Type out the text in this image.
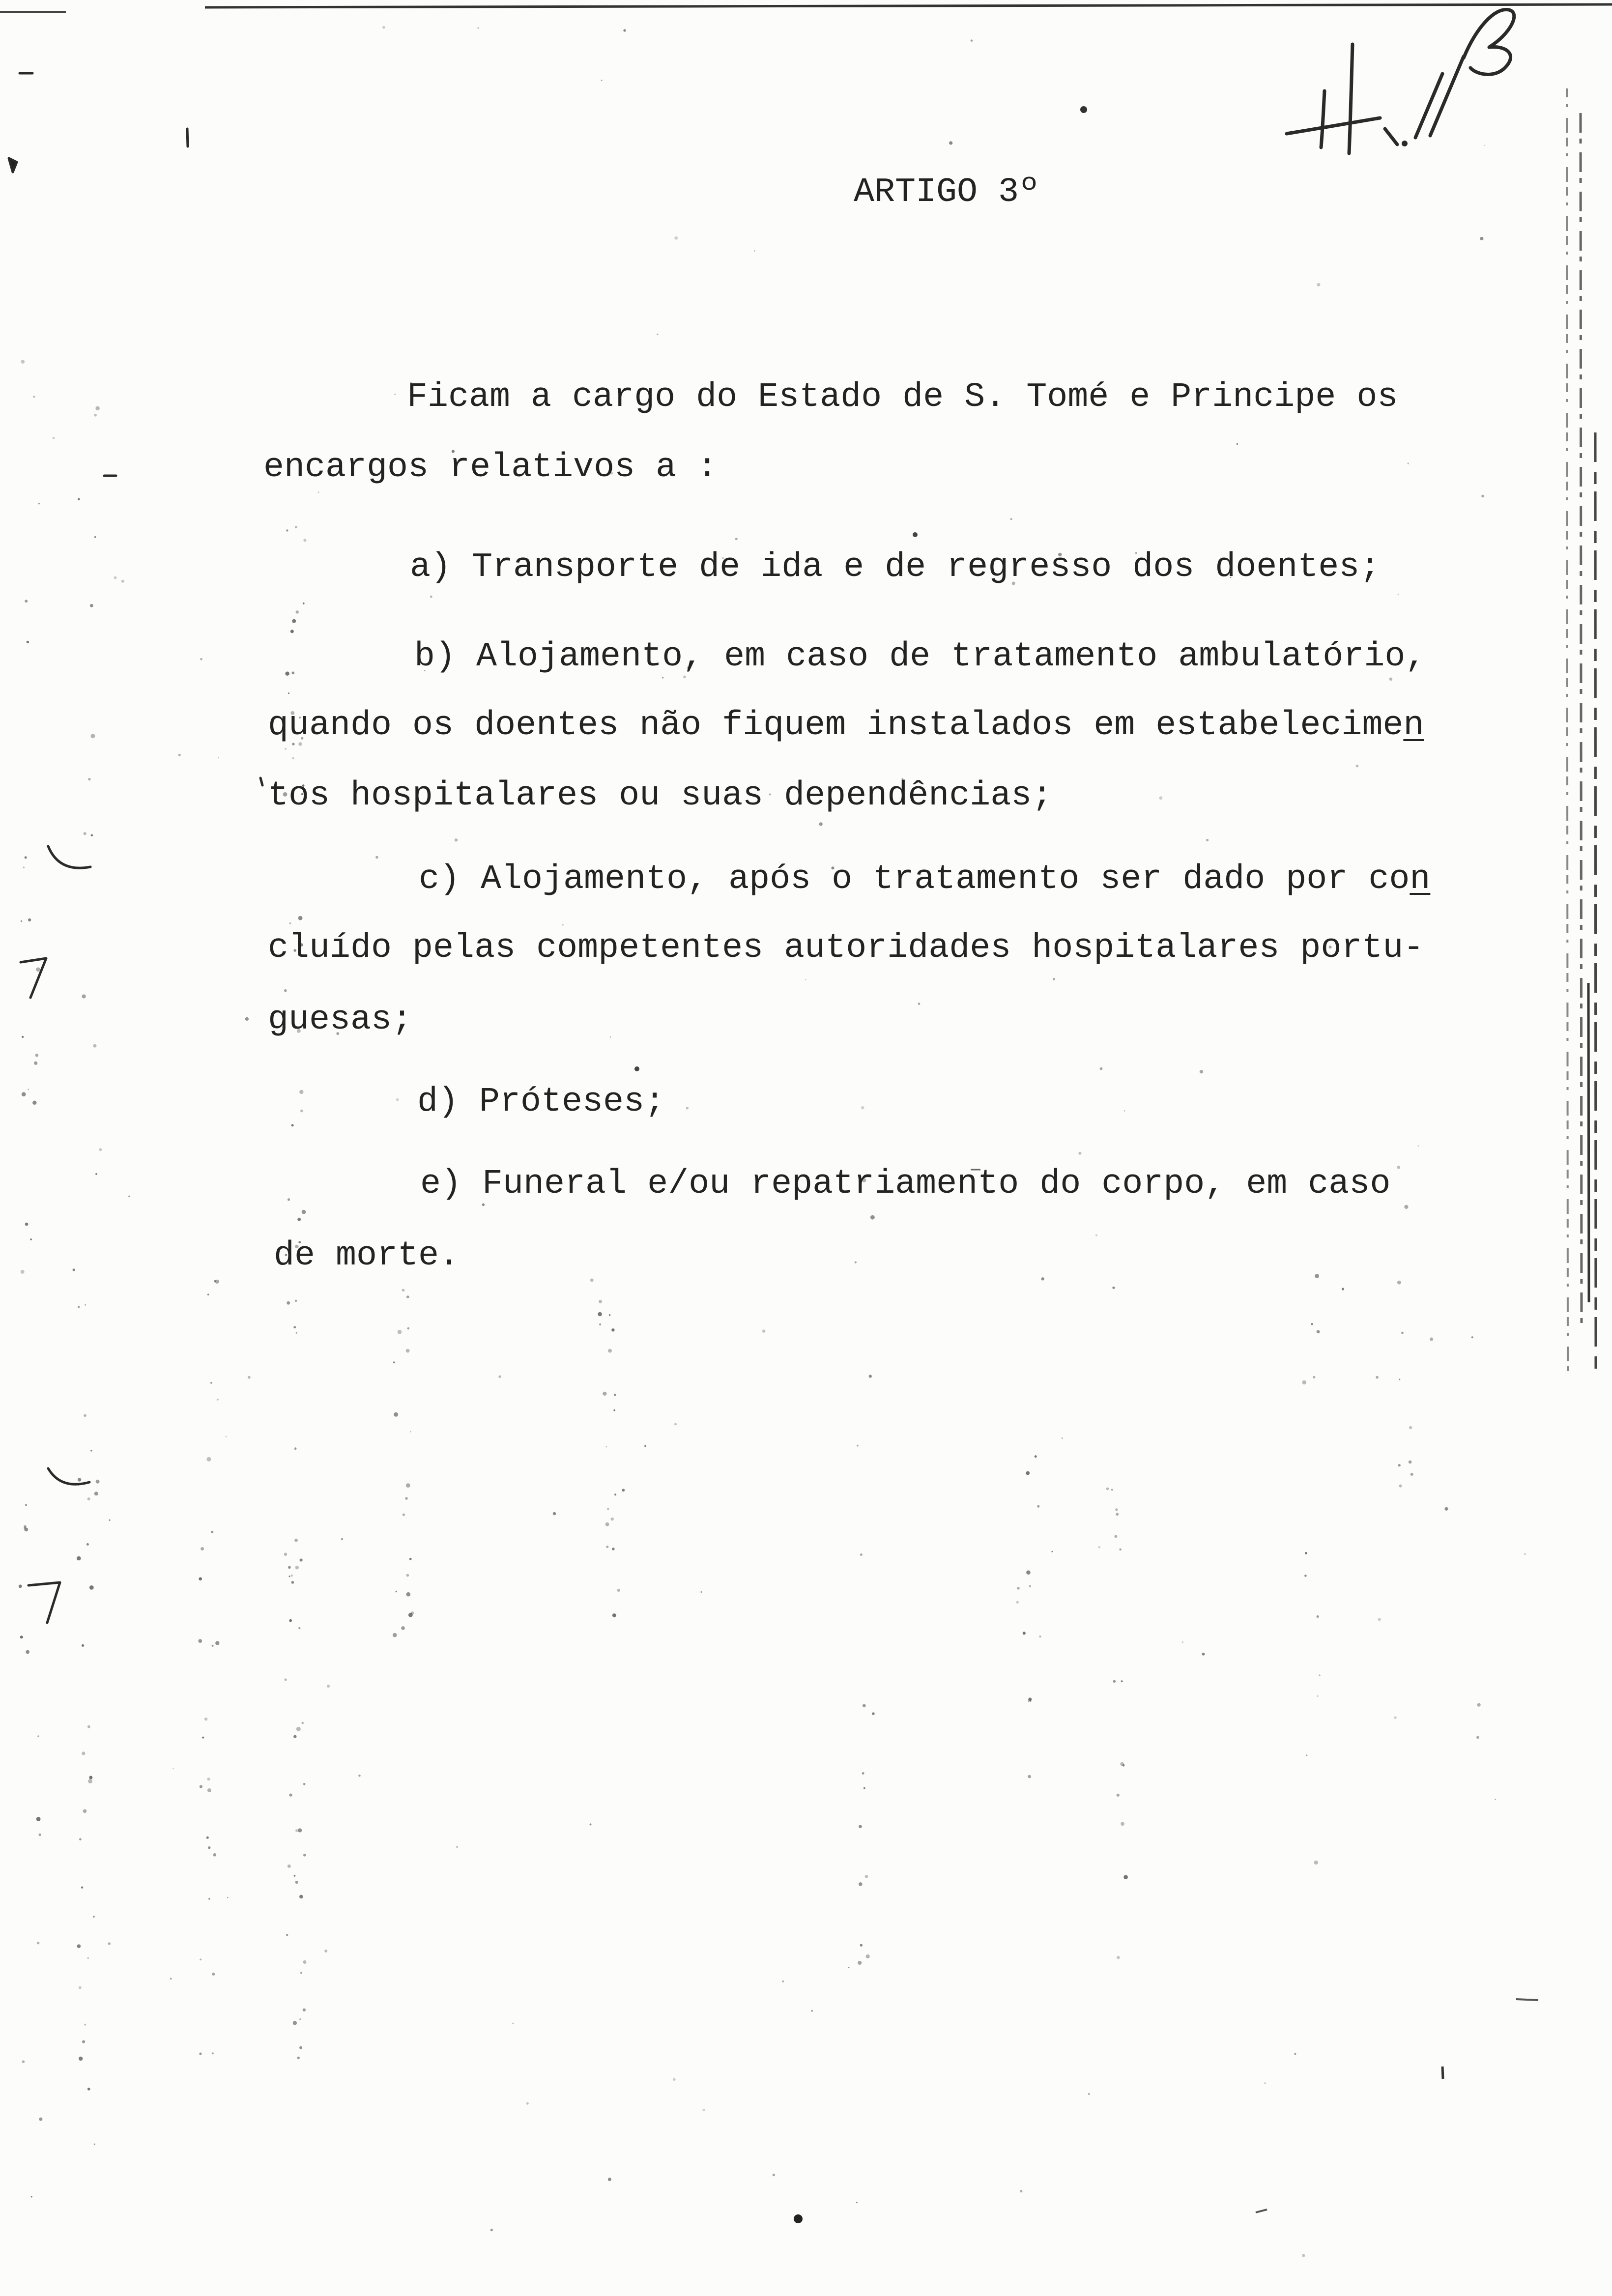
ARTIGO 3º
Ficam a cargo do Estado de S. Tomé e Principe os
encargos relativos a :
a) Transporte de ida e de regresso dos doentes;
b) Alojamento, em caso de tratamento ambulatório,
quando os doentes não fiquem instalados em estabelecimen
tos hospitalares ou suas dependências;
c) Alojamento, após o tratamento ser dado por con
cluído pelas competentes autoridades hospitalares portu-
guesas;
d) Próteses;
e) Funeral e/ou repatriamento do corpo, em caso
de morte.
